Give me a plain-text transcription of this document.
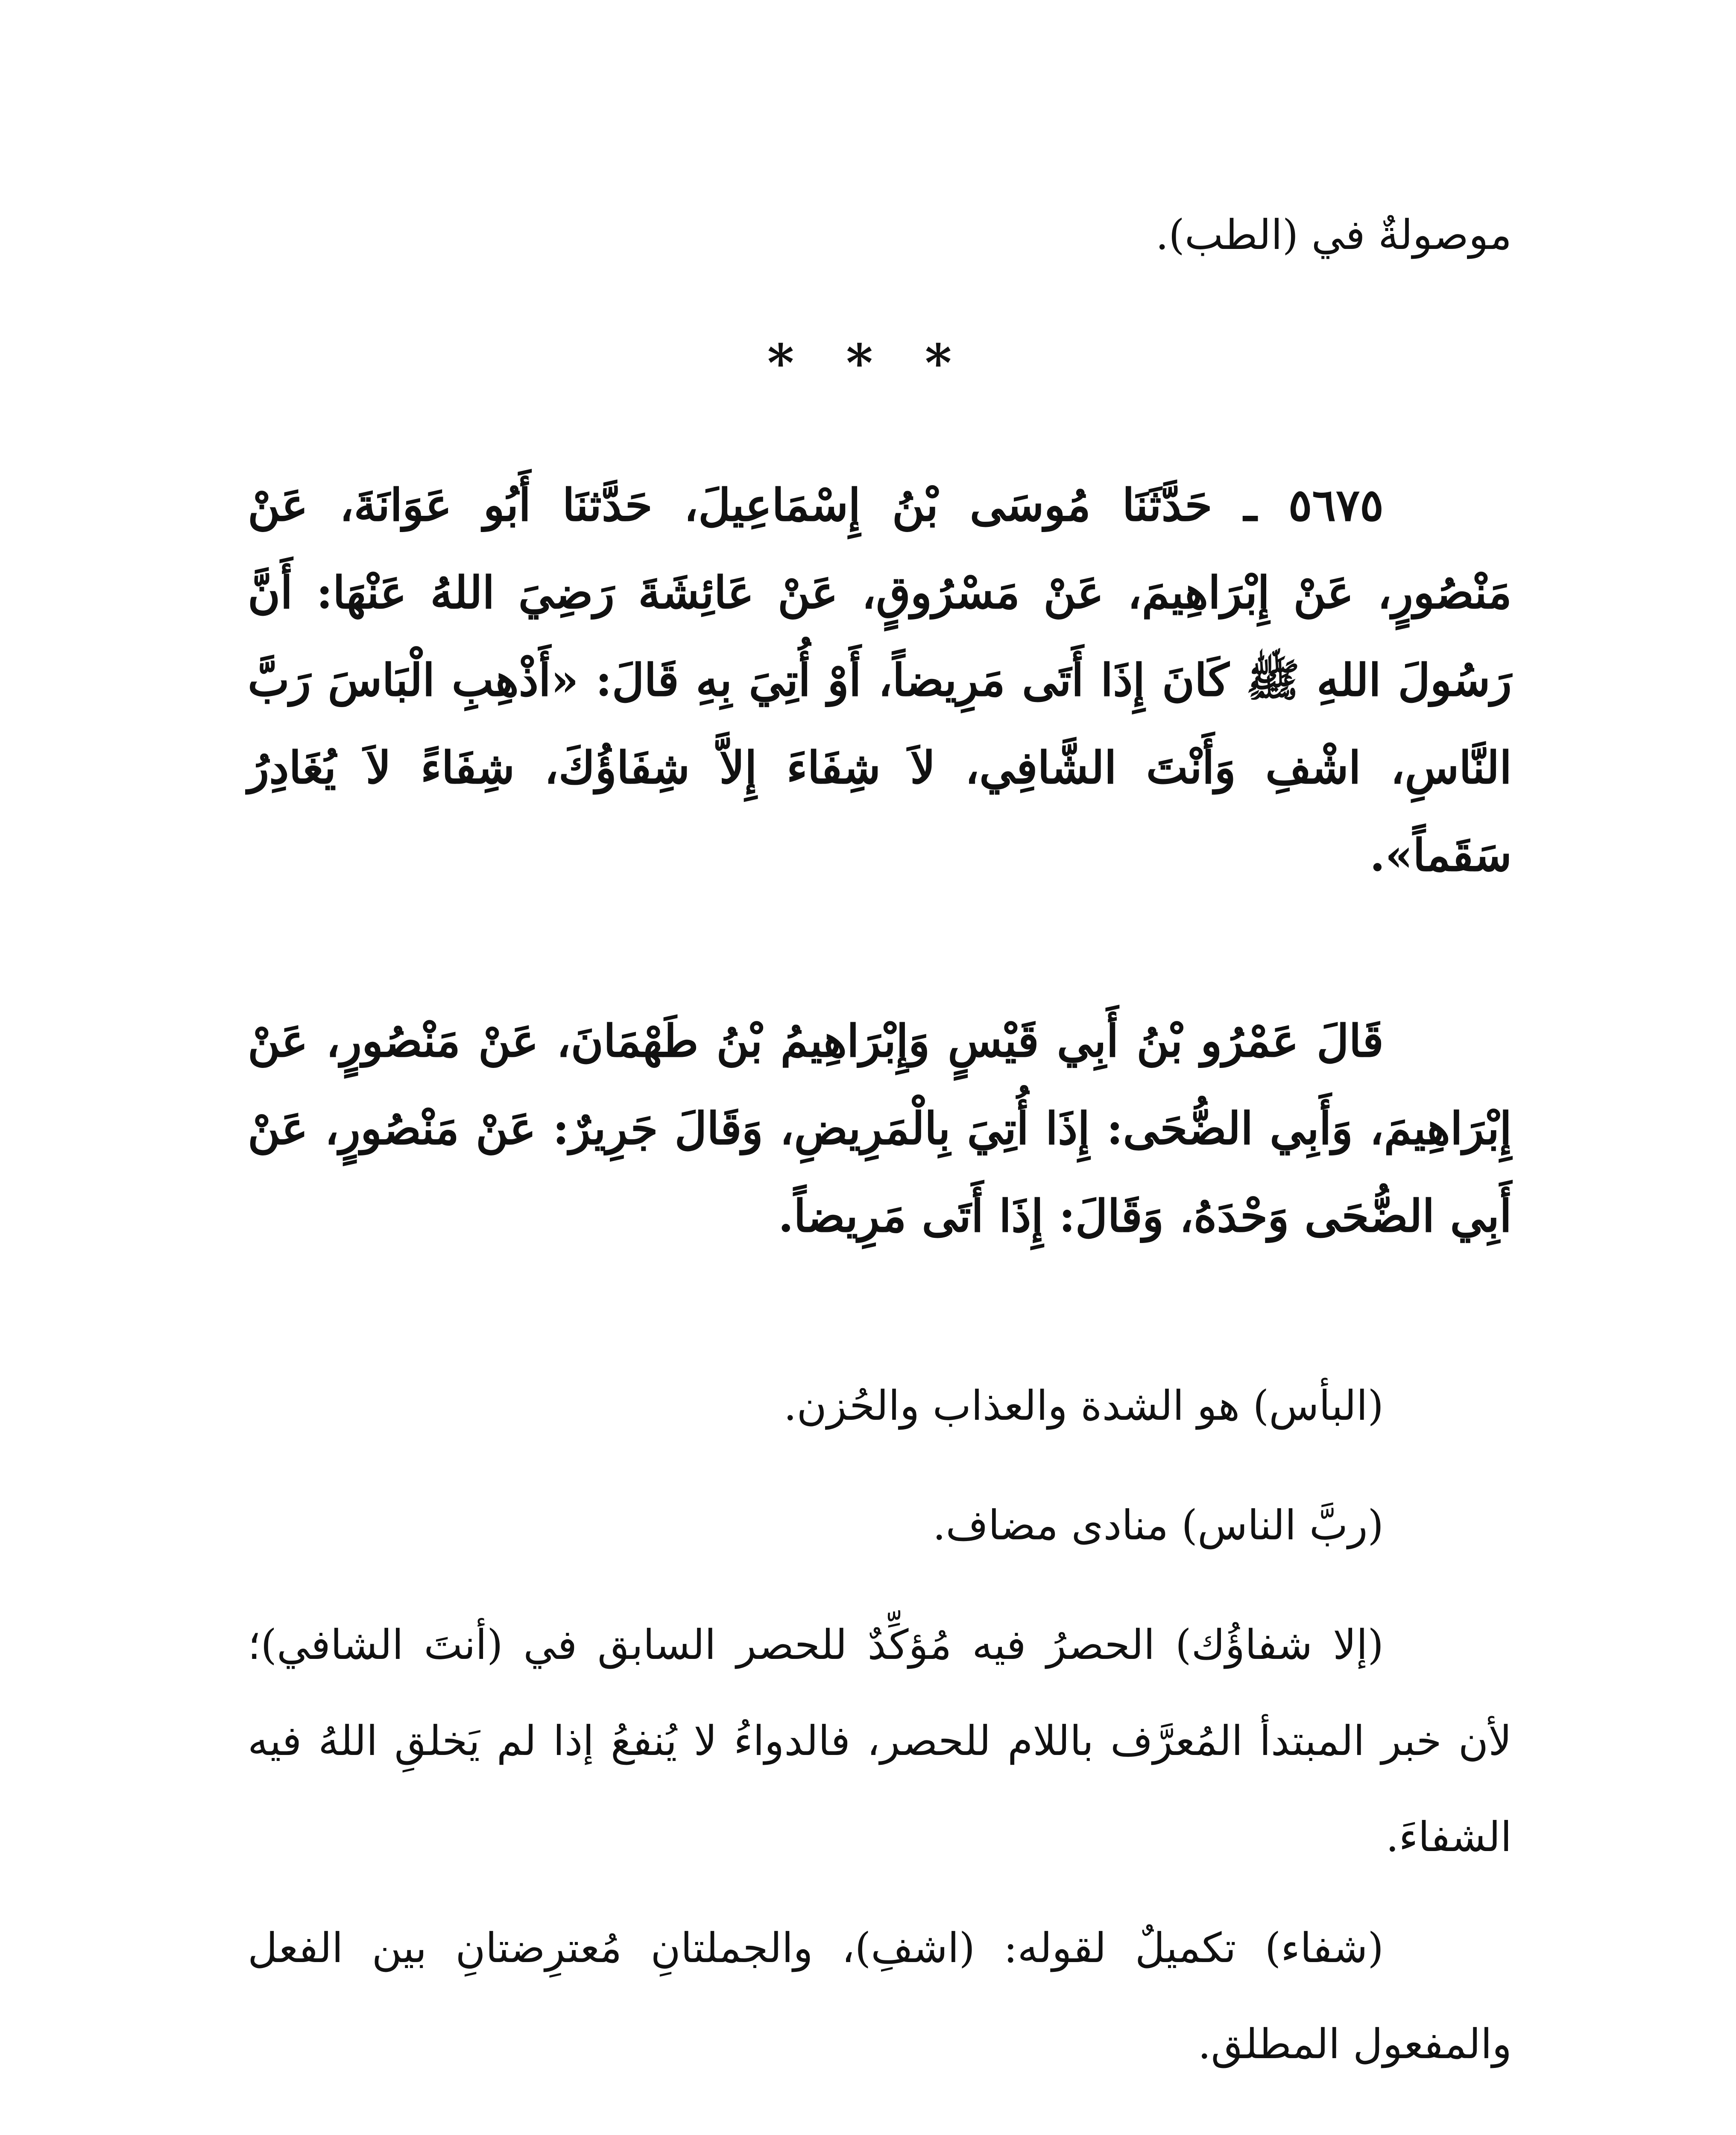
موصولةٌ في (الطب).
* * *

٥٦٧٥ ـ حَدَّثَنَا مُوسَى بْنُ إِسْمَاعِيلَ، حَدَّثنَا أَبُو عَوَانَةَ، عَنْ مَنْصُورٍ، عَنْ إِبْرَاهِيمَ، عَنْ مَسْرُوقٍ، عَنْ عَائِشَةَ رَضِيَ اللهُ عَنْهَا: أَنَّ رَسُولَ اللهِ ﷺ كَانَ إِذَا أَتَى مَرِيضاً، أَوْ أُتِيَ بِهِ قَالَ: «أَذْهِبِ الْبَاسَ رَبَّ النَّاسِ، اشْفِ وَأَنْتَ الشَّافِي، لاَ شِفَاءَ إِلاَّ شِفَاؤُكَ، شِفَاءً لاَ يُغَادِرُ سَقَماً».

قَالَ عَمْرُو بْنُ أَبِي قَيْسٍ وَإِبْرَاهِيمُ بْنُ طَهْمَانَ، عَنْ مَنْصُورٍ، عَنْ إِبْرَاهِيمَ، وَأَبِي الضُّحَى: إِذَا أُتِيَ بِالْمَرِيضِ، وَقَالَ جَرِيرٌ: عَنْ مَنْصُورٍ، عَنْ أَبِي الضُّحَى وَحْدَهُ، وَقَالَ: إِذَا أَتَى مَرِيضاً.

(البأس) هو الشدة والعذاب والحُزن.

(ربَّ الناس) منادى مضاف.

(إلا شفاؤُك) الحصرُ فيه مُؤكِّدٌ للحصر السابق في (أنتَ الشافي)؛ لأن خبر المبتدأ المُعرَّف باللام للحصر، فالدواءُ لا يُنفعُ إذا لم يَخلقِ اللهُ فيه الشفاءَ.

(شفاء) تكميلٌ لقوله: (اشفِ)، والجملتانِ مُعترِضتانِ بين الفعل والمفعول المطلق.
